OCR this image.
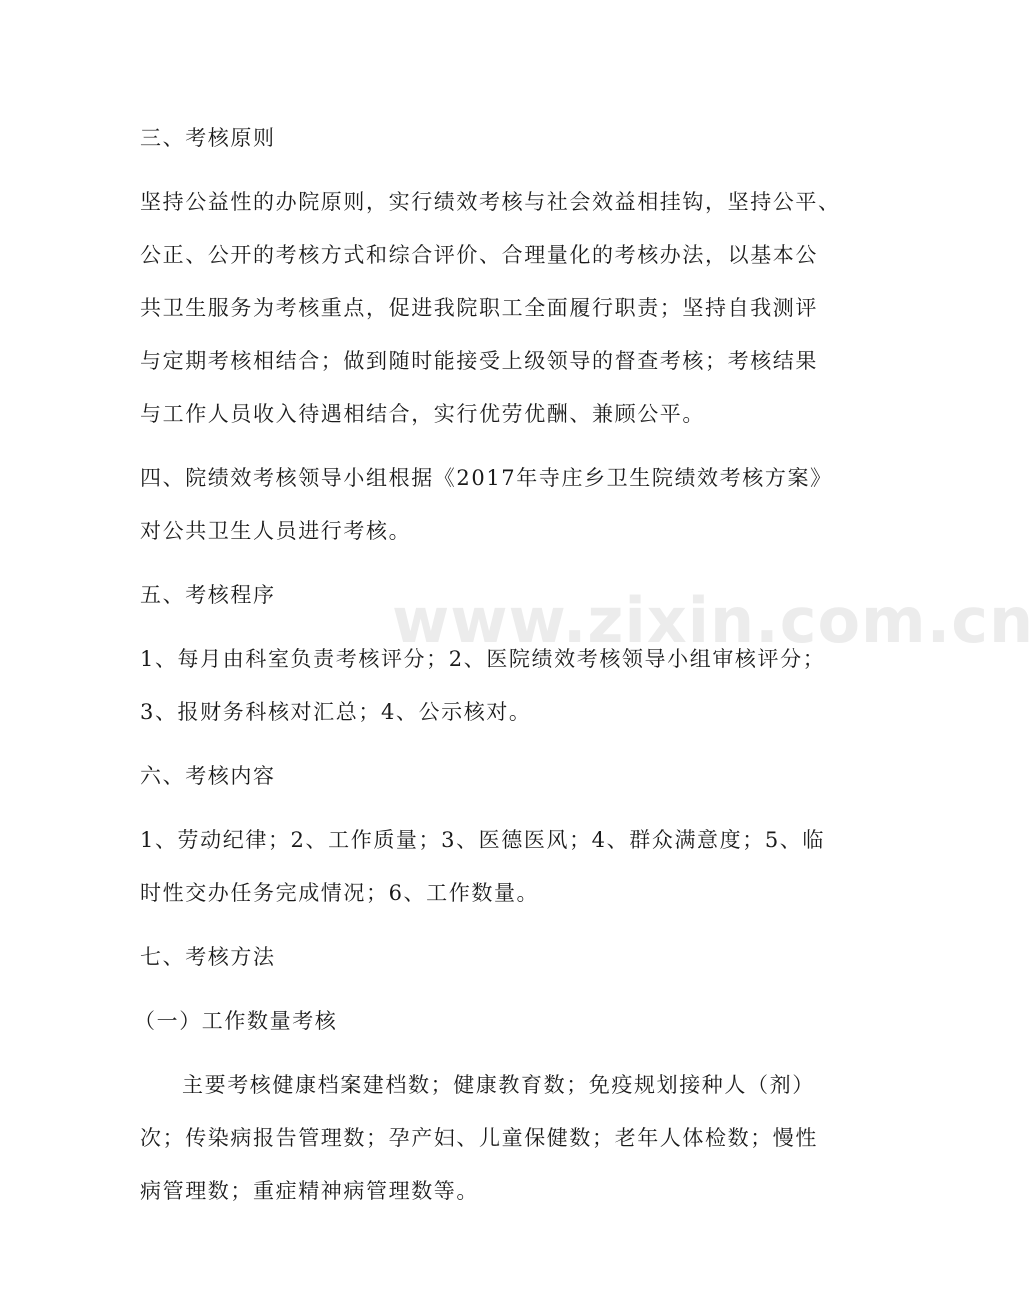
www.zixin.com.cn
三、考核原则
坚持公益性的办院原则，实行绩效考核与社会效益相挂钩，坚持公平、
公正、公开的考核方式和综合评价、合理量化的考核办法，以基本公
共卫生服务为考核重点，促进我院职工全面履行职责；坚持自我测评
与定期考核相结合；做到随时能接受上级领导的督查考核；考核结果
与工作人员收入待遇相结合，实行优劳优酬、兼顾公平。
四、院绩效考核领导小组根据《2017年寺庄乡卫生院绩效考核方案》
对公共卫生人员进行考核。
五、考核程序
1、每月由科室负责考核评分；2、医院绩效考核领导小组审核评分；
3、报财务科核对汇总；4、公示核对。
六、考核内容
1、劳动纪律；2、工作质量；3、医德医风；4、群众满意度；5、临
时性交办任务完成情况；6、工作数量。
七、考核方法
（一）工作数量考核
主要考核健康档案建档数；健康教育数；免疫规划接种人（剂）
次；传染病报告管理数；孕产妇、儿童保健数；老年人体检数；慢性
病管理数；重症精神病管理数等。
